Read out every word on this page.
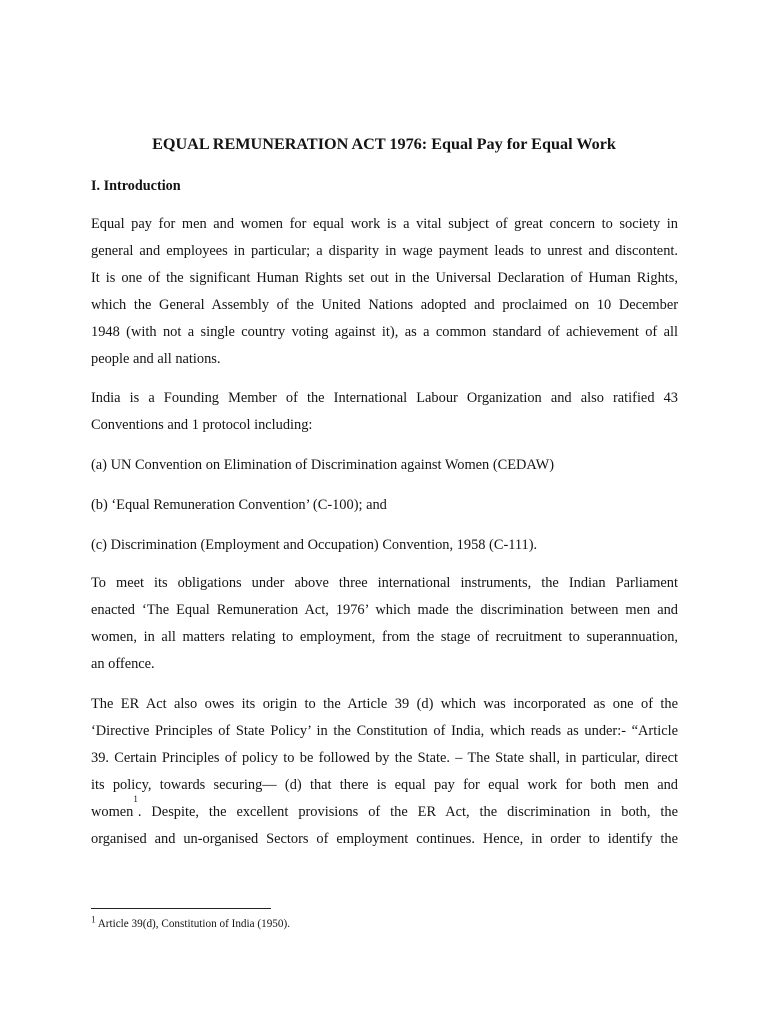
EQUAL REMUNERATION ACT 1976: Equal Pay for Equal Work
I. Introduction
Equal pay for men and women for equal work is a vital subject of great concern to society in
general and employees in particular; a disparity in wage payment leads to unrest and discontent.
It is one of the significant Human Rights set out in the Universal Declaration of Human Rights,
which the General Assembly of the United Nations adopted and proclaimed on 10 December
1948 (with not a single country voting against it), as a common standard of achievement of all
people and all nations.
India is a Founding Member of the International Labour Organization and also ratified 43
Conventions and 1 protocol including:

(a) UN Convention on Elimination of Discrimination against Women (CEDAW)

(b) ‘Equal Remuneration Convention’ (C-100); and

(c) Discrimination (Employment and Occupation) Convention, 1958 (C-111).

To meet its obligations under above three international instruments, the Indian Parliament
enacted ‘The Equal Remuneration Act, 1976’ which made the discrimination between men and
women, in all matters relating to employment, from the stage of recruitment to superannuation,
an offence.
The ER Act also owes its origin to the Article 39 (d) which was incorporated as one of the
‘Directive Principles of State Policy’ in the Constitution of India, which reads as under:- “Article
39. Certain Principles of policy to be followed by the State. – The State shall, in particular, direct
its policy, towards securing— (d) that there is equal pay for equal work for both men and
women
1
. Despite, the excellent provisions of the ER Act, the discrimination in both, the
organised and un-organised Sectors of employment continues. Hence, in order to identify the

$^1$ Article 39(d), Constitution of India (1950).
